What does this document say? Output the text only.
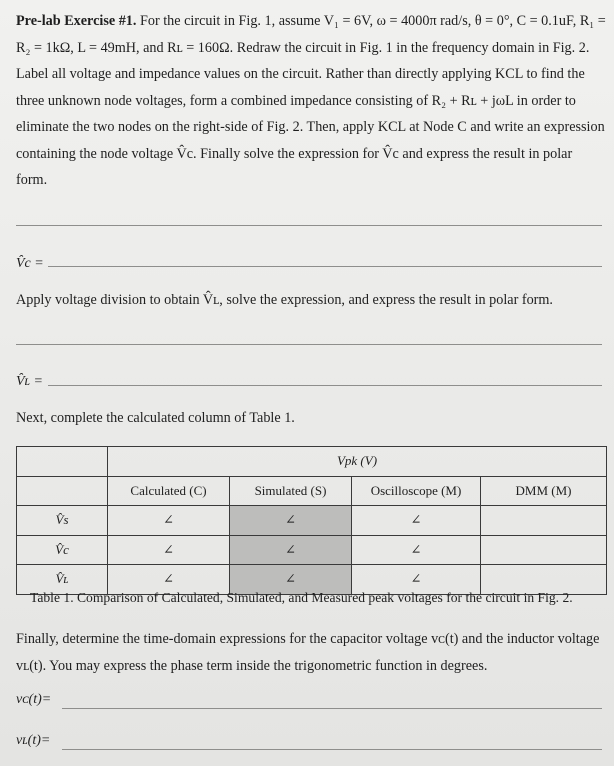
Pre-lab Exercise #1. For the circuit in Fig. 1, assume V₁ = 6V, ω = 4000π rad/s, θ = 0°, C = 0.1uF, R₁ = R₂ = 1kΩ, L = 49mH, and Rʟ = 160Ω. Redraw the circuit in Fig. 1 in the frequency domain in Fig. 2. Label all voltage and impedance values on the circuit. Rather than directly applying KCL to find the three unknown node voltages, form a combined impedance consisting of R₂ + Rʟ + jωL in order to eliminate the two nodes on the right-side of Fig. 2. Then, apply KCL at Node C and write an expression containing the node voltage V̂c. Finally solve the expression for V̂c and express the result in polar form.
V̂c =
Apply voltage division to obtain V̂ʟ, solve the expression, and express the result in polar form.
V̂ʟ =
Next, complete the calculated column of Table 1.
	Vpk (V)			
	Calculated (C)	Simulated (S)	Oscilloscope (M)	DMM (M)
V̂s	∠	∠	∠	
V̂c	∠	∠	∠	
V̂ʟ	∠	∠	∠	
Table 1. Comparison of Calculated, Simulated, and Measured peak voltages for the circuit in Fig. 2.
Finally, determine the time-domain expressions for the capacitor voltage vᴄ(t) and the inductor voltage vʟ(t). You may express the phase term inside the trigonometric function in degrees.
vᴄ(t)=
vʟ(t)=
